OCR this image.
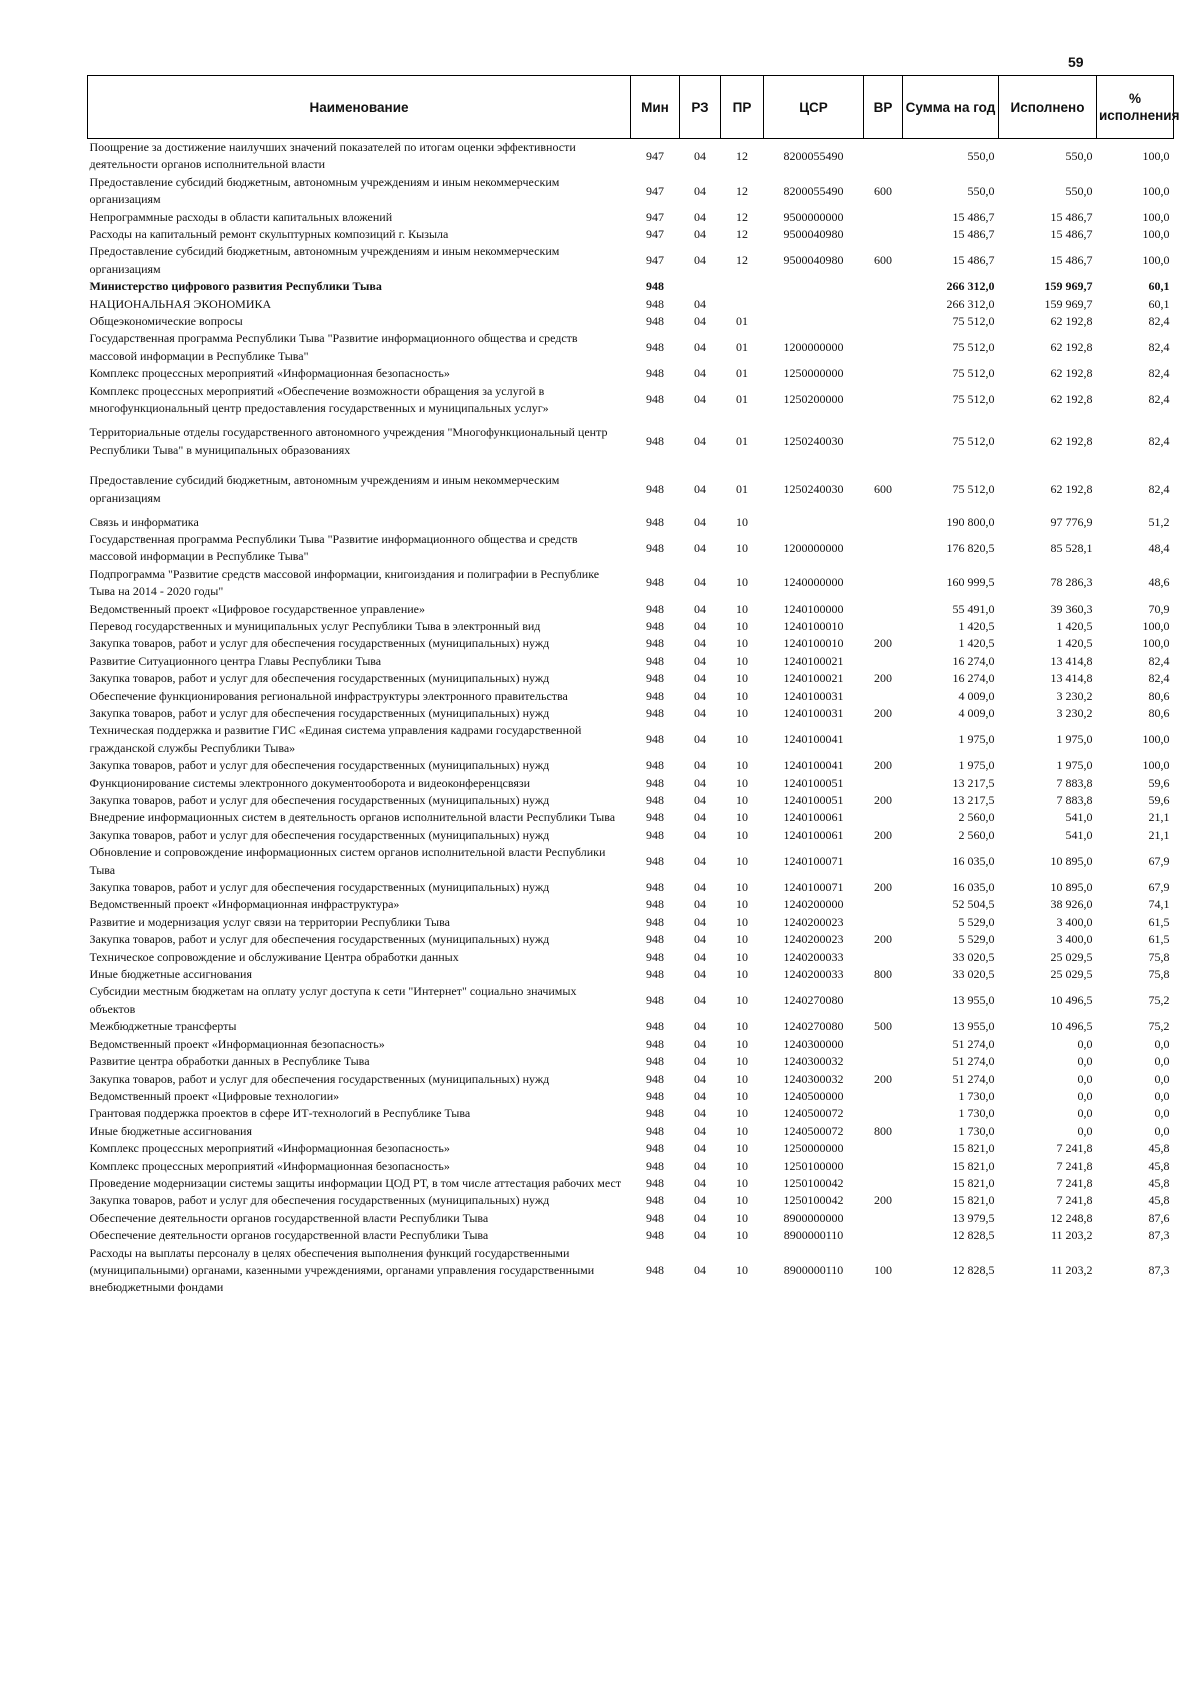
59
Наименование	Мин	РЗ	ПР	ЦСР	ВР	Сумма на год	Исполнено	% исполнения
Поощрение за достижение наилучших значений показателей по итогам оценки эффективности деятельности органов исполнительной власти	947	04	12	8200055490		550,0	550,0	100,0
Предоставление субсидий бюджетным, автономным учреждениям и иным некоммерческим организациям	947	04	12	8200055490	600	550,0	550,0	100,0
Непрограммные расходы в области капитальных вложений	947	04	12	9500000000		15 486,7	15 486,7	100,0
Расходы на капитальный ремонт скульптурных композиций г. Кызыла	947	04	12	9500040980		15 486,7	15 486,7	100,0
Предоставление субсидий бюджетным, автономным учреждениям и иным некоммерческим организациям	947	04	12	9500040980	600	15 486,7	15 486,7	100,0
Министерство цифрового развития Республики Тыва	948					266 312,0	159 969,7	60,1
НАЦИОНАЛЬНАЯ ЭКОНОМИКА	948	04				266 312,0	159 969,7	60,1
Общеэкономические вопросы	948	04	01			75 512,0	62 192,8	82,4
Государственная программа Республики Тыва "Развитие информационного общества и средств массовой информации в Республике Тыва"	948	04	01	1200000000		75 512,0	62 192,8	82,4
Комплекс процессных мероприятий «Информационная безопасность»	948	04	01	1250000000		75 512,0	62 192,8	82,4
Комплекс процессных мероприятий «Обеспечение возможности обращения за услугой в многофункциональный центр предоставления государственных и муниципальных услуг»	948	04	01	1250200000		75 512,0	62 192,8	82,4
Территориальные отделы государственного автономного учреждения "Многофункциональный центр Республики Тыва" в муниципальных образованиях	948	04	01	1250240030		75 512,0	62 192,8	82,4
Предоставление субсидий бюджетным, автономным учреждениям и иным некоммерческим организациям	948	04	01	1250240030	600	75 512,0	62 192,8	82,4
Связь и информатика	948	04	10			190 800,0	97 776,9	51,2
Государственная программа Республики Тыва "Развитие информационного общества и средств массовой информации в Республике Тыва"	948	04	10	1200000000		176 820,5	85 528,1	48,4
Подпрограмма "Развитие средств массовой информации, книгоиздания и полиграфии в Республике Тыва на 2014 - 2020 годы"	948	04	10	1240000000		160 999,5	78 286,3	48,6
Ведомственный проект «Цифровое государственное управление»	948	04	10	1240100000		55 491,0	39 360,3	70,9
Перевод государственных и муниципальных услуг Республики Тыва в электронный вид	948	04	10	1240100010		1 420,5	1 420,5	100,0
Закупка товаров, работ и услуг для обеспечения государственных (муниципальных) нужд	948	04	10	1240100010	200	1 420,5	1 420,5	100,0
Развитие Ситуационного центра Главы Республики Тыва	948	04	10	1240100021		16 274,0	13 414,8	82,4
Закупка товаров, работ и услуг для обеспечения государственных (муниципальных) нужд	948	04	10	1240100021	200	16 274,0	13 414,8	82,4
Обеспечение функционирования региональной инфраструктуры электронного правительства	948	04	10	1240100031		4 009,0	3 230,2	80,6
Закупка товаров, работ и услуг для обеспечения государственных (муниципальных) нужд	948	04	10	1240100031	200	4 009,0	3 230,2	80,6
Техническая поддержка и развитие ГИС «Единая система управления кадрами государственной гражданской службы Республики Тыва»	948	04	10	1240100041		1 975,0	1 975,0	100,0
Закупка товаров, работ и услуг для обеспечения государственных (муниципальных) нужд	948	04	10	1240100041	200	1 975,0	1 975,0	100,0
Функционирование системы электронного документооборота и видеоконференцсвязи	948	04	10	1240100051		13 217,5	7 883,8	59,6
Закупка товаров, работ и услуг для обеспечения государственных (муниципальных) нужд	948	04	10	1240100051	200	13 217,5	7 883,8	59,6
Внедрение информационных систем в деятельность органов исполнительной власти Республики Тыва	948	04	10	1240100061		2 560,0	541,0	21,1
Закупка товаров, работ и услуг для обеспечения государственных (муниципальных) нужд	948	04	10	1240100061	200	2 560,0	541,0	21,1
Обновление и сопровождение информационных систем органов исполнительной власти Республики Тыва	948	04	10	1240100071		16 035,0	10 895,0	67,9
Закупка товаров, работ и услуг для обеспечения государственных (муниципальных) нужд	948	04	10	1240100071	200	16 035,0	10 895,0	67,9
Ведомственный проект «Информационная инфраструктура»	948	04	10	1240200000		52 504,5	38 926,0	74,1
Развитие и модернизация услуг связи на территории Республики Тыва	948	04	10	1240200023		5 529,0	3 400,0	61,5
Закупка товаров, работ и услуг для обеспечения государственных (муниципальных) нужд	948	04	10	1240200023	200	5 529,0	3 400,0	61,5
Техническое сопровождение и обслуживание Центра обработки данных	948	04	10	1240200033		33 020,5	25 029,5	75,8
Иные бюджетные ассигнования	948	04	10	1240200033	800	33 020,5	25 029,5	75,8
Субсидии местным бюджетам на оплату услуг доступа к сети "Интернет" социально значимых объектов	948	04	10	1240270080		13 955,0	10 496,5	75,2
Межбюджетные трансферты	948	04	10	1240270080	500	13 955,0	10 496,5	75,2
Ведомственный проект «Информационная безопасность»	948	04	10	1240300000		51 274,0	0,0	0,0
Развитие центра обработки данных в Республике Тыва	948	04	10	1240300032		51 274,0	0,0	0,0
Закупка товаров, работ и услуг для обеспечения государственных (муниципальных) нужд	948	04	10	1240300032	200	51 274,0	0,0	0,0
Ведомственный проект «Цифровые технологии»	948	04	10	1240500000		1 730,0	0,0	0,0
Грантовая поддержка проектов в сфере ИТ-технологий в Республике Тыва	948	04	10	1240500072		1 730,0	0,0	0,0
Иные бюджетные ассигнования	948	04	10	1240500072	800	1 730,0	0,0	0,0
Комплекс процессных мероприятий «Информационная безопасность»	948	04	10	1250000000		15 821,0	7 241,8	45,8
Комплекс процессных мероприятий «Информационная безопасность»	948	04	10	1250100000		15 821,0	7 241,8	45,8
Проведение модернизации системы защиты информации ЦОД РТ, в том числе аттестация рабочих мест	948	04	10	1250100042		15 821,0	7 241,8	45,8
Закупка товаров, работ и услуг для обеспечения государственных (муниципальных) нужд	948	04	10	1250100042	200	15 821,0	7 241,8	45,8
Обеспечение деятельности органов государственной власти Республики Тыва	948	04	10	8900000000		13 979,5	12 248,8	87,6
Обеспечение деятельности органов государственной власти Республики Тыва	948	04	10	8900000110		12 828,5	11 203,2	87,3
Расходы на выплаты персоналу в целях обеспечения выполнения функций государственными (муниципальными) органами, казенными учреждениями, органами управления государственными внебюджетными фондами	948	04	10	8900000110	100	12 828,5	11 203,2	87,3
